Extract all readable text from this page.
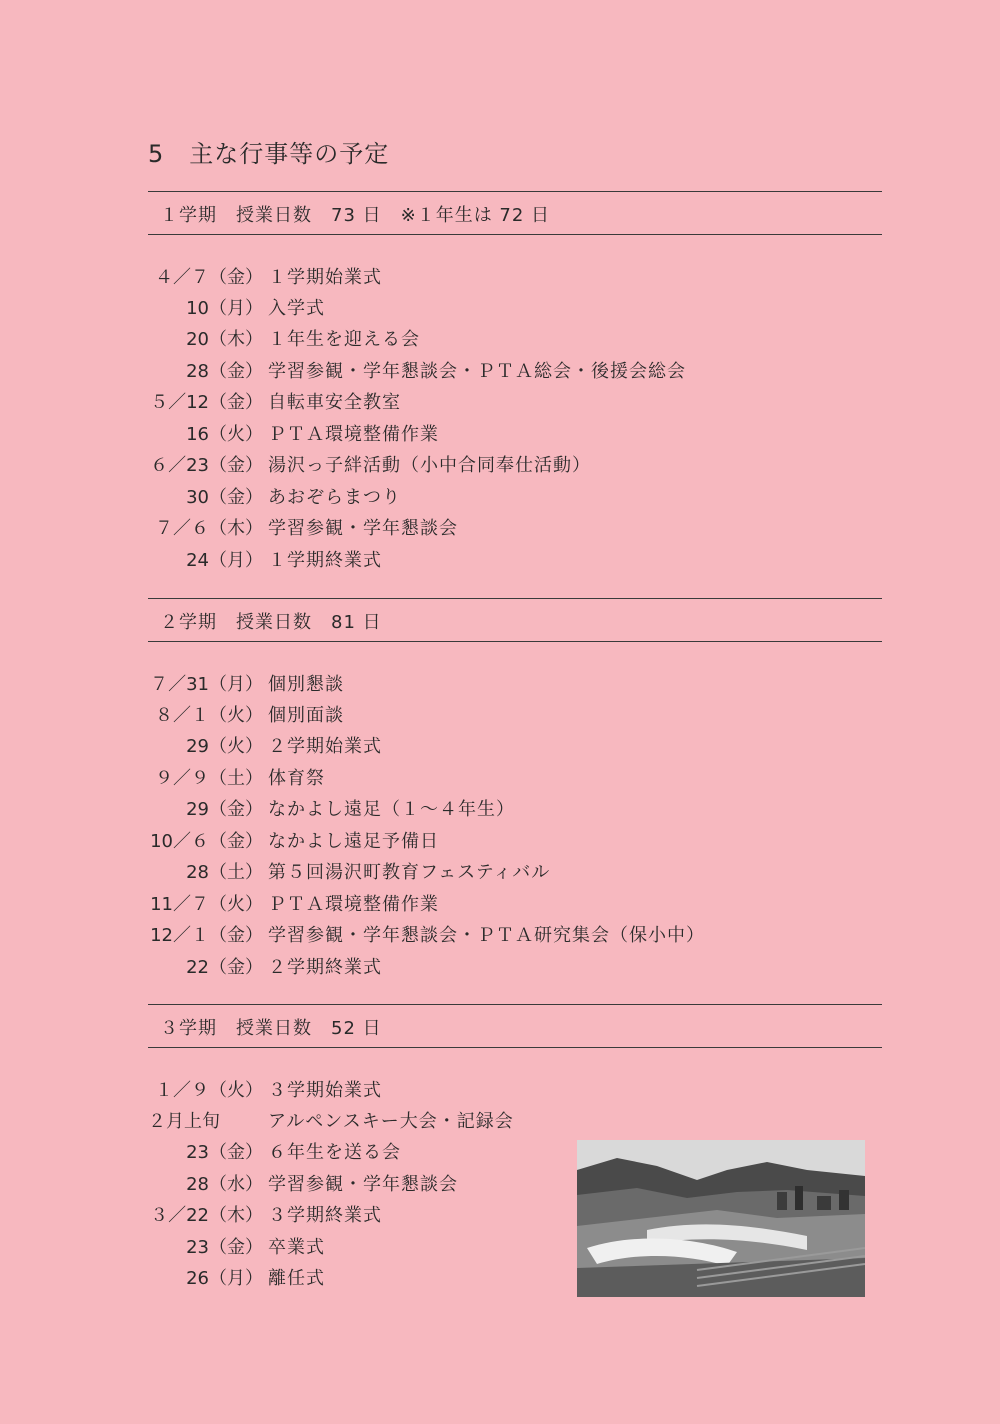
5　主な行事等の予定
１学期　授業日数　73 日　※１年生は 72 日
４／７（金） １学期始業式
10（月） 入学式
20（木） １年生を迎える会
28（金） 学習参観・学年懇談会・ＰＴＡ総会・後援会総会
５／12（金） 自転車安全教室
16（火） ＰＴＡ環境整備作業
６／23（金） 湯沢っ子絆活動（小中合同奉仕活動）
30（金） あおぞらまつり
７／６（木） 学習参観・学年懇談会
24（月） １学期終業式
２学期　授業日数　81 日
７／31（月） 個別懇談
８／１（火） 個別面談
29（火） ２学期始業式
９／９（土） 体育祭
29（金） なかよし遠足（１～４年生）
10／６（金） なかよし遠足予備日
28（土） 第５回湯沢町教育フェスティバル
11／７（火） ＰＴＡ環境整備作業
12／１（金） 学習参観・学年懇談会・ＰＴＡ研究集会（保小中）
22（金） ２学期終業式
３学期　授業日数　52 日
１／９（火） ３学期始業式
２月上旬	アルペンスキー大会・記録会
23（金） ６年生を送る会
28（水） 学習参観・学年懇談会
３／22（木） ３学期終業式
23（金） 卒業式
26（月） 離任式
